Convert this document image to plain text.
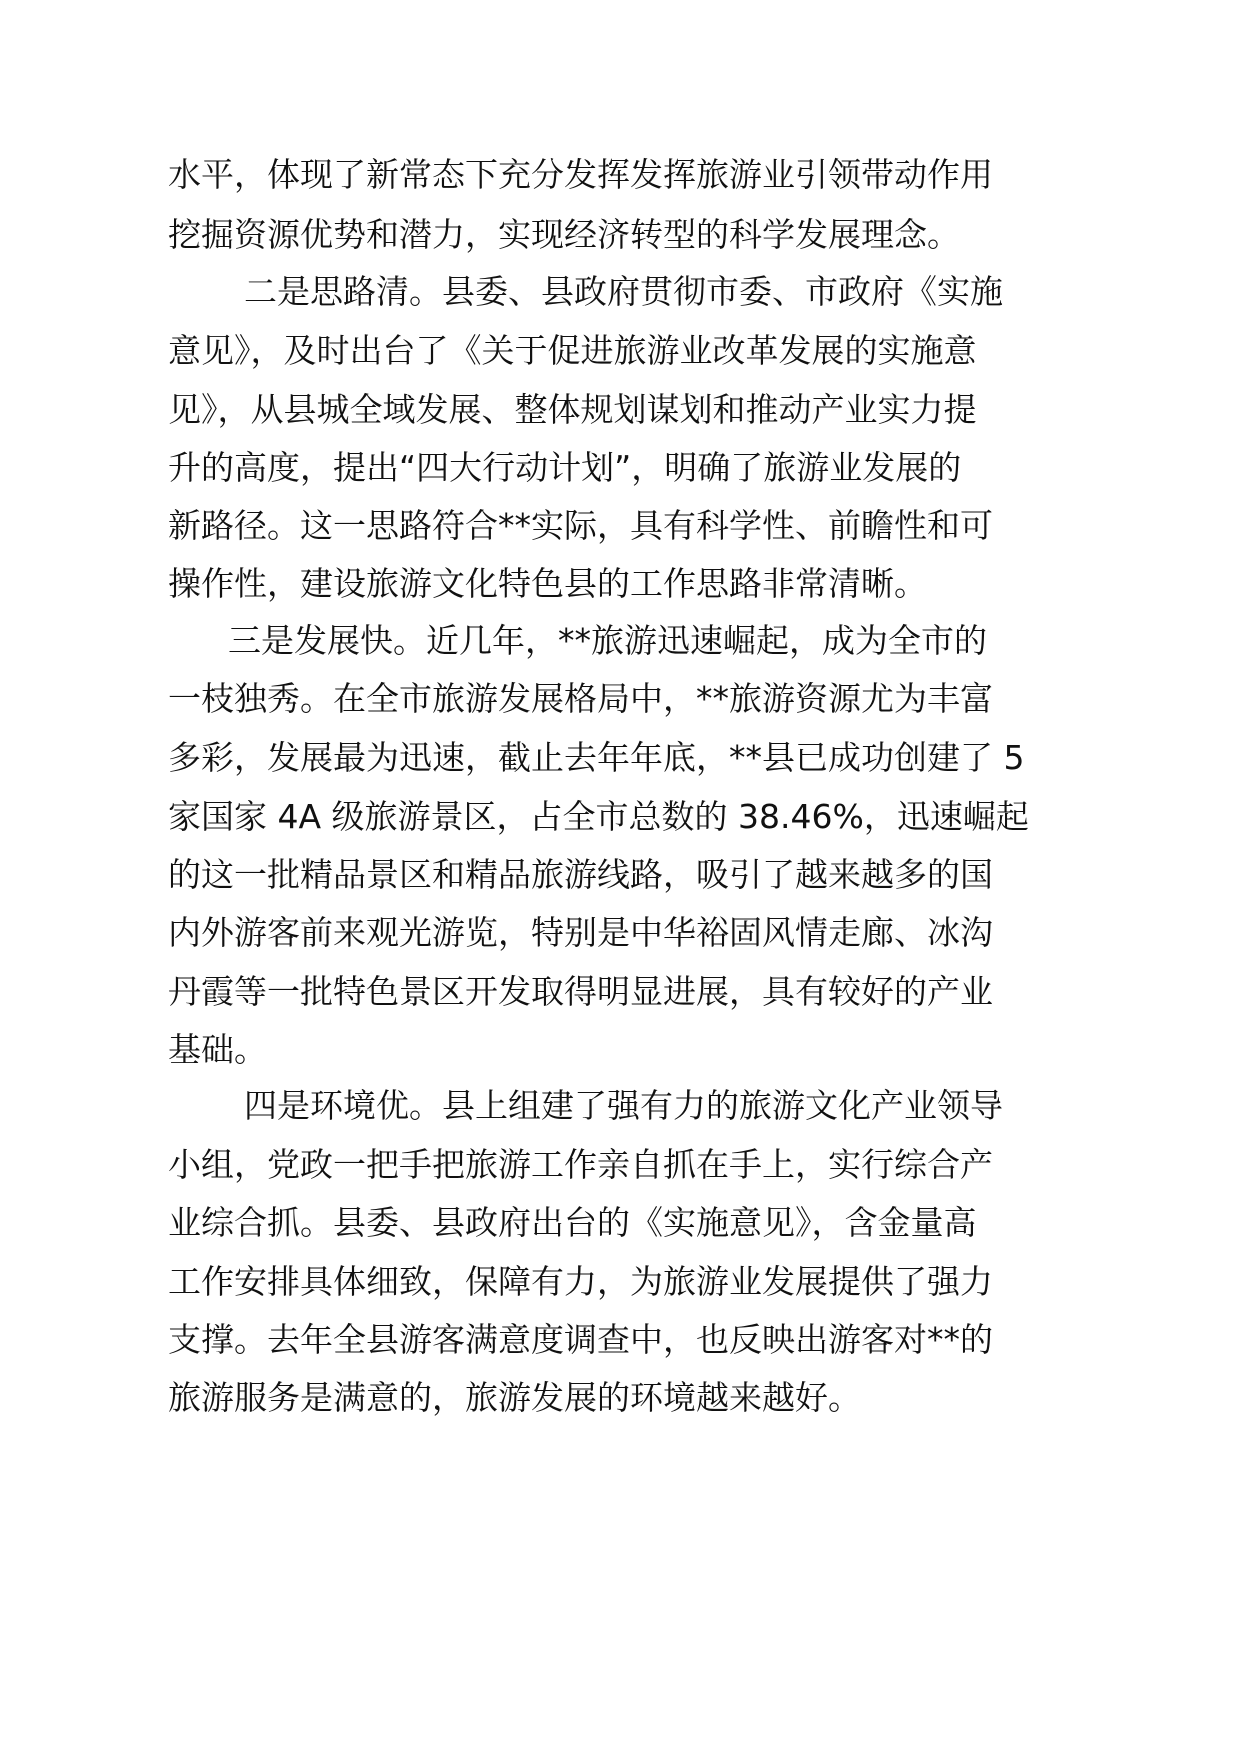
水平，体现了新常态下充分发挥发挥旅游业引领带动作用

挖掘资源优势和潜力，实现经济转型的科学发展理念。

二是思路清。县委、县政府贯彻市委、市政府《实施

意见》，及时出台了《关于促进旅游业改革发展的实施意

见》，从县城全域发展、整体规划谋划和推动产业实力提

升的高度，提出“四大行动计划”，明确了旅游业发展的

新路径。这一思路符合**实际，具有科学性、前瞻性和可

操作性，建设旅游文化特色县的工作思路非常清晰。

三是发展快。近几年，**旅游迅速崛起，成为全市的

一枝独秀。在全市旅游发展格局中，**旅游资源尤为丰富

多彩，发展最为迅速，截止去年年底，**县已成功创建了 5

家国家 4A 级旅游景区，占全市总数的 38.46%，迅速崛起

的这一批精品景区和精品旅游线路，吸引了越来越多的国

内外游客前来观光游览，特别是中华裕固风情走廊、冰沟

丹霞等一批特色景区开发取得明显进展，具有较好的产业

基础。

四是环境优。县上组建了强有力的旅游文化产业领导

小组，党政一把手把旅游工作亲自抓在手上，实行综合产

业综合抓。县委、县政府出台的《实施意见》，含金量高

工作安排具体细致，保障有力，为旅游业发展提供了强力

支撑。去年全县游客满意度调查中，也反映出游客对**的

旅游服务是满意的，旅游发展的环境越来越好。
